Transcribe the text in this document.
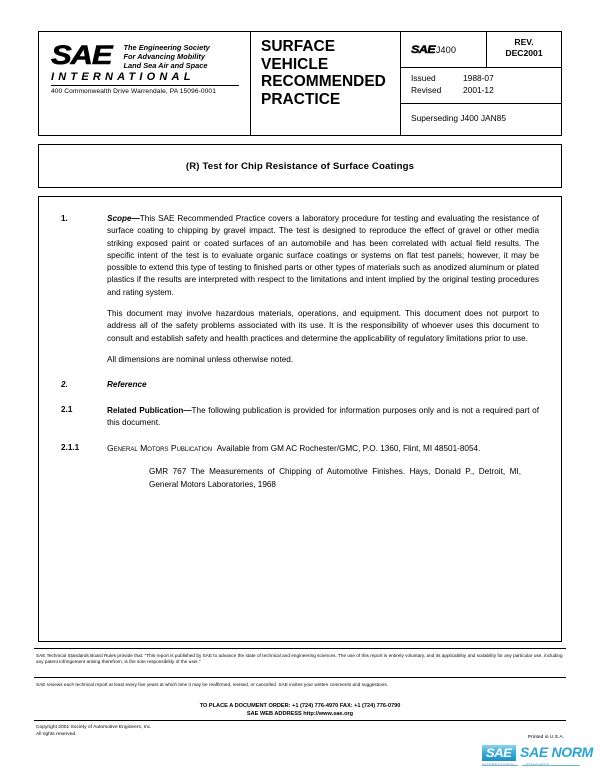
SAE	The Engineering Society
For Advancing Mobility
Land Sea Air and Space
INTERNATIONAL
400 Commonwealth Drive Warrendale, PA 15096-0001
SURFACE
VEHICLE
RECOMMENDED
PRACTICE
SAE J400
REV.
DEC2001
Issued	1988-07
Revised	2001-12
Superseding J400 JAN85
(R) Test for Chip Resistance of Surface Coatings
1.	Scope—This SAE Recommended Practice covers a laboratory procedure for testing and evaluating the resistance of surface coating to chipping by gravel impact. The test is designed to reproduce the effect of gravel or other media striking exposed paint or coated surfaces of an automobile and has been correlated with actual field results. The specific intent of the test is to evaluate organic surface coatings or systems on flat test panels; however, it may be possible to extend this type of testing to finished parts or other types of materials such as anodized aluminum or plated plastics if the results are interpreted with respect to the limitations and intent implied by the original testing procedures and rating system.
This document may involve hazardous materials, operations, and equipment. This document does not purport to address all of the safety problems associated with its use. It is the responsibility of whoever uses this document to consult and establish safety and health practices and determine the applicability of regulatory limitations prior to use.
All dimensions are nominal unless otherwise noted.
2.	Reference
2.1	Related Publication—The following publication is provided for information purposes only and is not a required part of this document.
2.1.1	General Motors Publication Available from GM AC Rochester/GMC, P.O. 1360, Flint, MI 48501-8054.
GMR 767 The Measurements of Chipping of Automotive Finishes. Hays, Donald P., Detroit, MI, General Motors Laboratories, 1968
SAE Technical Standards Board Rules provide that: "This report is published by SAE to advance the state of technical and engineering sciences. The use of this report is entirely voluntary, and its applicability and suitability for any particular use, including any patent infringement arising therefrom, is the sole responsibility of the user."
SAE reviews each technical report at least every five years at which time it may be reaffirmed, revised, or cancelled. SAE invites your written comments and suggestions.
TO PLACE A DOCUMENT ORDER: +1 (724) 776-4970 FAX: +1 (724) 776-0790
SAE WEB ADDRESS http://www.sae.org
Copyright 2001 Society of Automotive Engineers, Inc.
All rights reserved.
Printed in U.S.A.
SAE SAE NORM
INTERNATIONAL	STANDARDS
